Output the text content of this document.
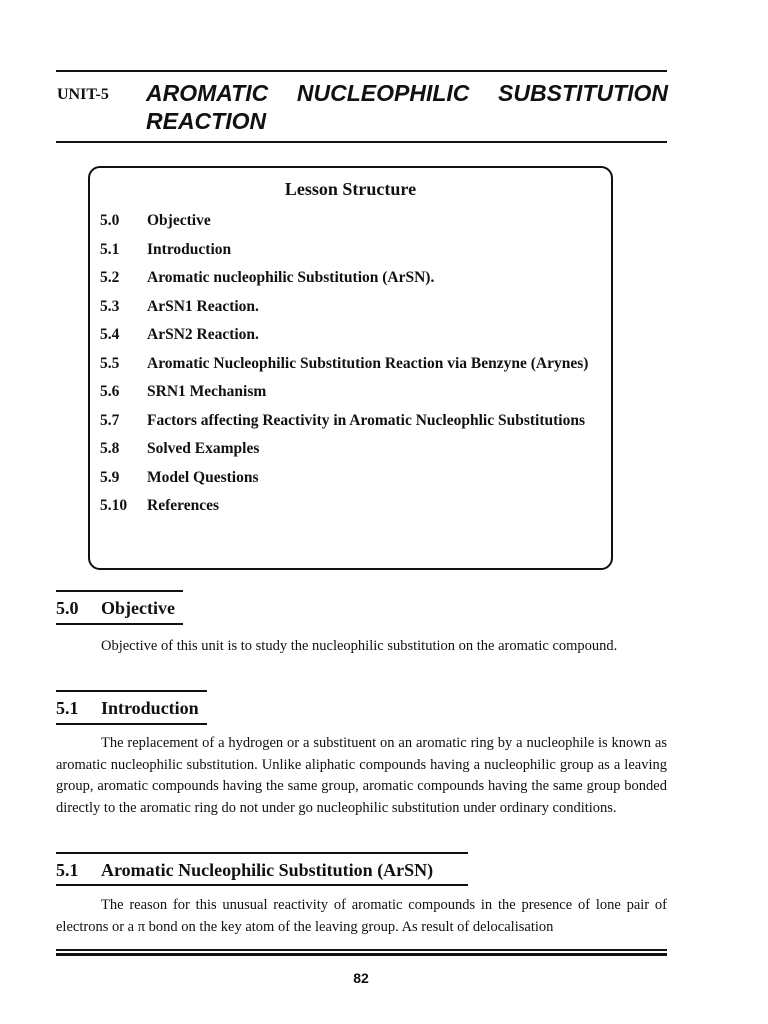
UNIT-5 AROMATIC NUCLEOPHILIC SUBSTITUTION REACTION
Lesson Structure
5.0	Objective
5.1	Introduction
5.2	Aromatic nucleophilic Substitution (ArSN).
5.3	ArSN1 Reaction.
5.4	ArSN2 Reaction.
5.5	Aromatic Nucleophilic Substitution Reaction via Benzyne (Arynes)
5.6	SRN1 Mechanism
5.7	Factors affecting Reactivity in Aromatic Nucleophlic Substitutions
5.8	Solved Examples
5.9	Model Questions
5.10	References
5.0	Objective
Objective of this unit is to study the nucleophilic substitution on the aromatic compound.
5.1	Introduction
The replacement of a hydrogen or a substituent on an aromatic ring by a nucleophile is known as aromatic nucleophilic substitution. Unlike aliphatic compounds having a nucleophilic group as a leaving group, aromatic compounds having the same group, aromatic compounds having the same group bonded directly to the aromatic ring do not under go nucleophilic substitution under ordinary conditions.
5.1	Aromatic Nucleophilic Substitution (ArSN)
The reason for this unusual reactivity of aromatic compounds in the presence of lone pair of electrons or a π bond on the key atom of the leaving group. As result of delocalisation
82
